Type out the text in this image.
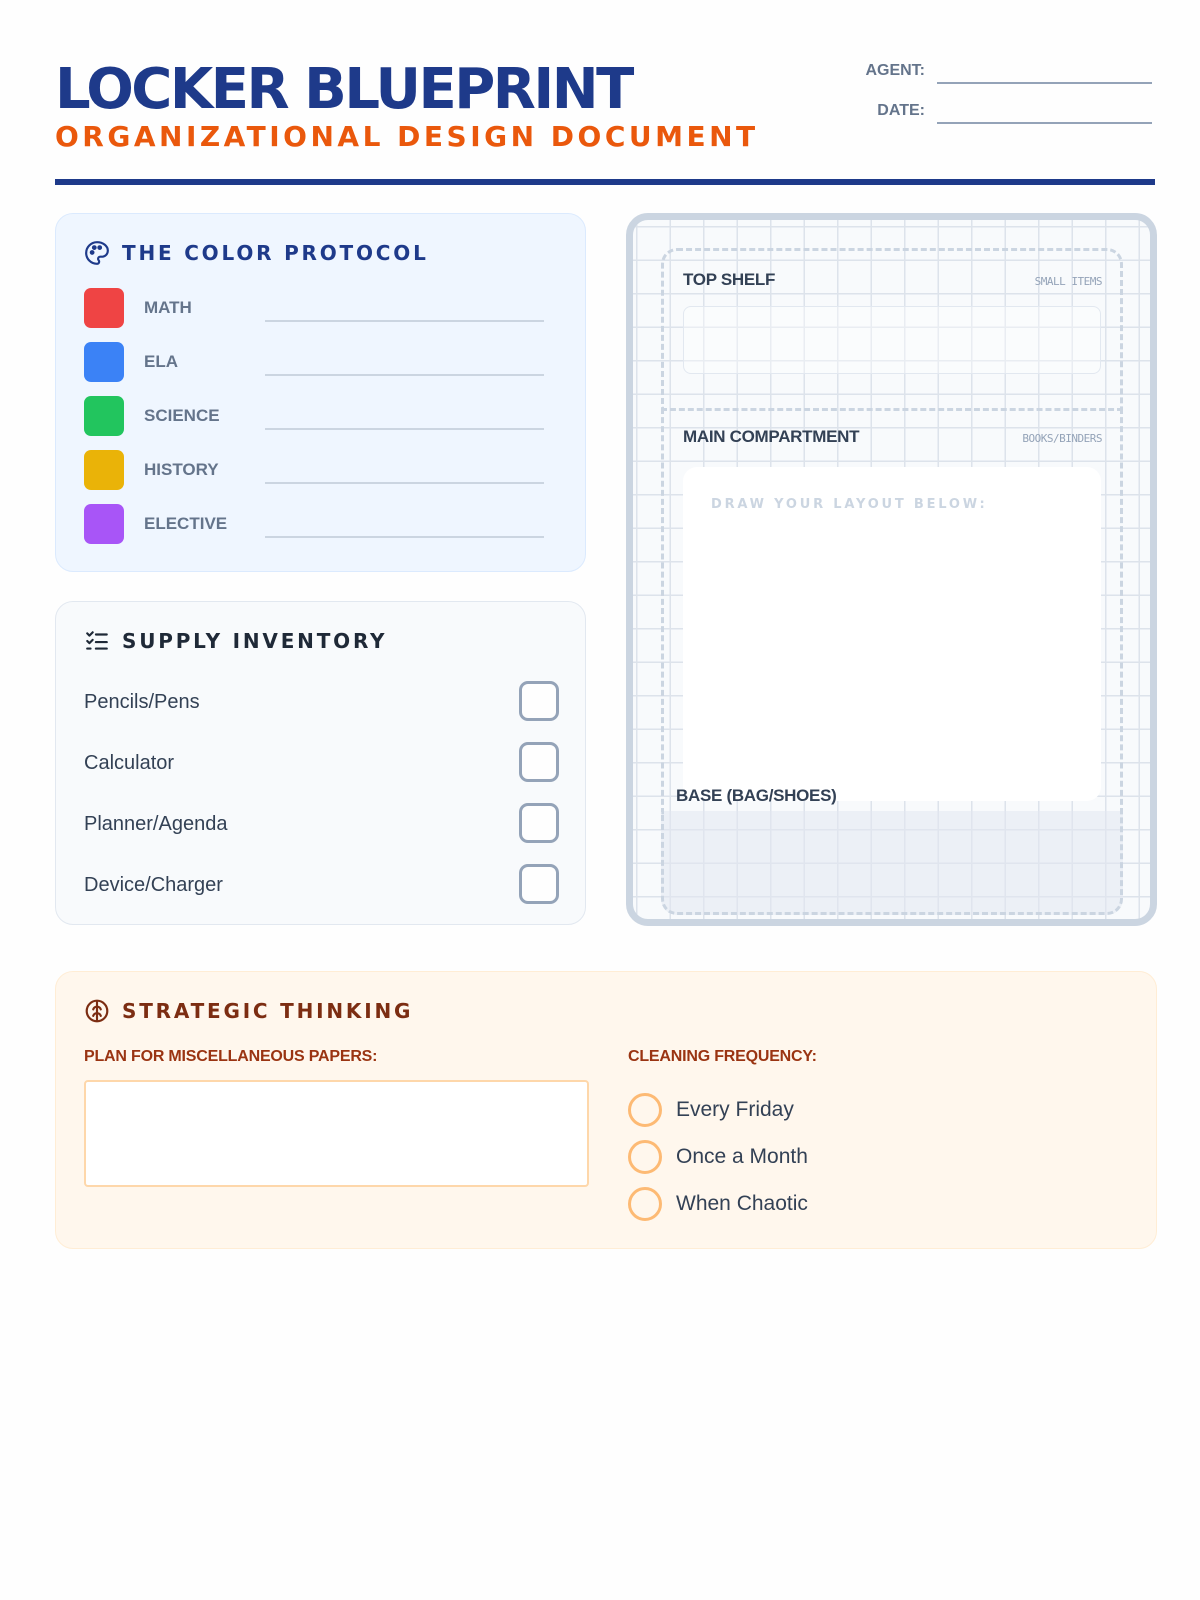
LOCKER BLUEPRINT
ORGANIZATIONAL DESIGN DOCUMENT
AGENT:
DATE:
THE COLOR PROTOCOL
MATH
ELA
SCIENCE
HISTORY
ELECTIVE
SUPPLY INVENTORY
Pencils/Pens
Calculator
Planner/Agenda
Device/Charger
TOP SHELF	SMALL ITEMS
MAIN COMPARTMENT	BOOKS/BINDERS
DRAW YOUR LAYOUT BELOW:
BASE (BAG/SHOES)
STRATEGIC THINKING
PLAN FOR MISCELLANEOUS PAPERS:	CLEANING FREQUENCY:
Every Friday
Once a Month
When Chaotic
